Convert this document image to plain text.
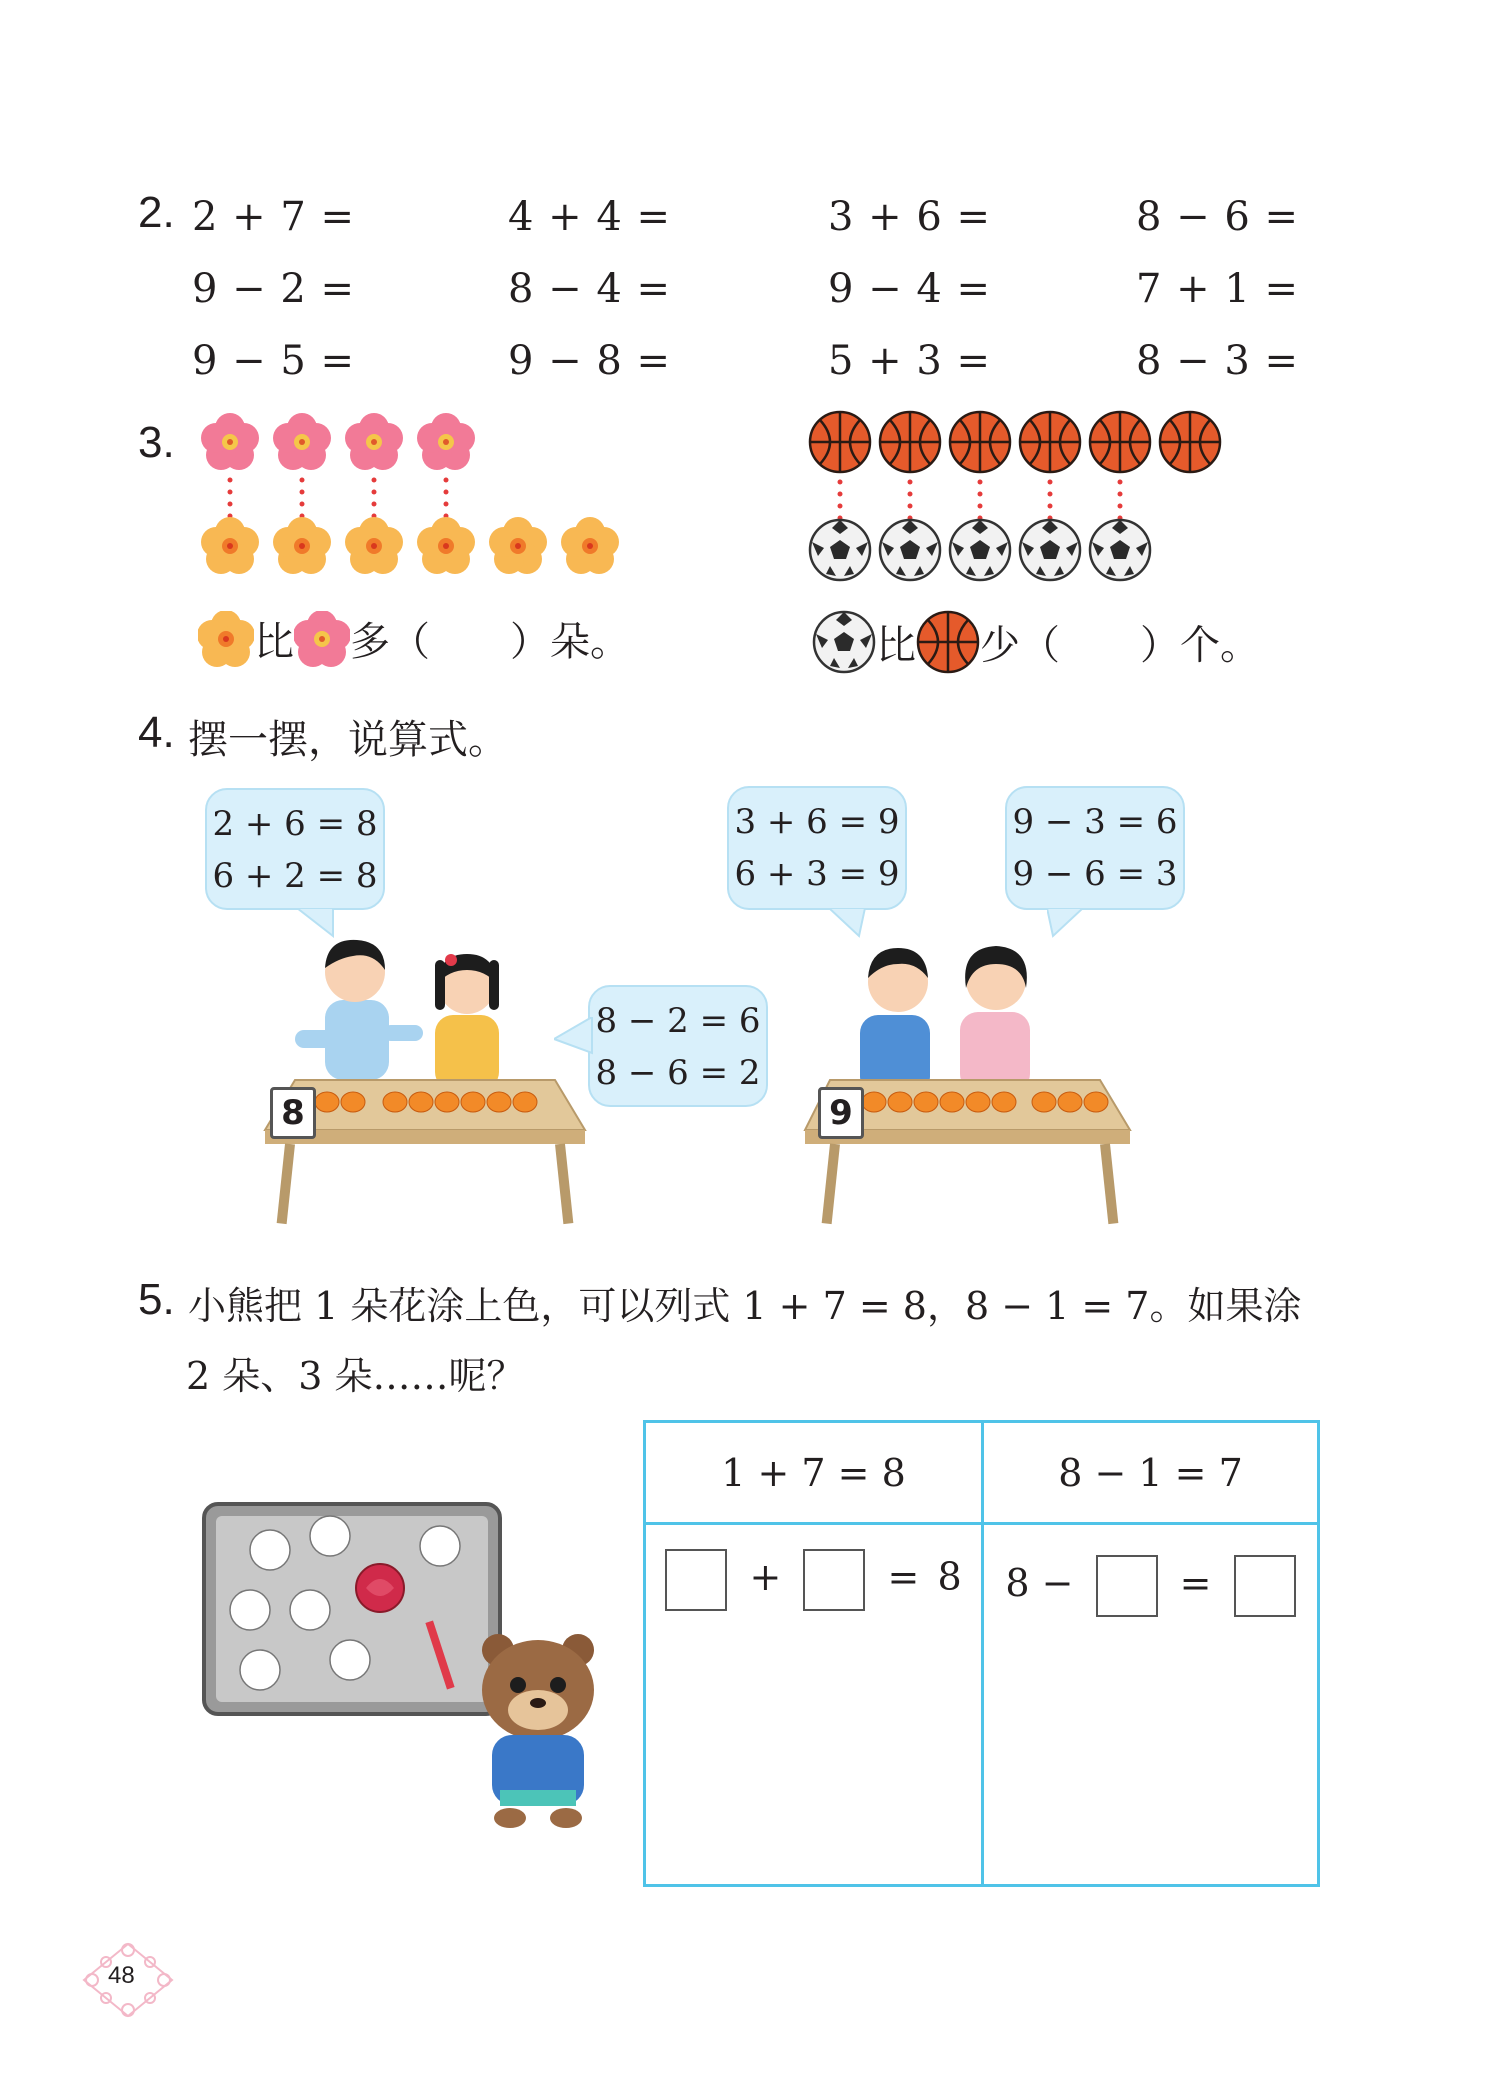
2. 2 + 7 =	4 + 4 =	3 + 6 =	8 − 6 =
9 − 2 =	8 − 4 =	9 − 4 =	7 + 1 =
9 − 5 =	9 − 8 =	5 + 3 =	8 − 3 =
3.
比 多（　　）朵。	比 少（　　）个。
4. 摆一摆，说算式。
2 + 6 = 8
6 + 2 = 8
8 − 2 = 6
8 − 6 = 2
3 + 6 = 9
6 + 3 = 9
9 − 3 = 6
9 − 6 = 3
8	9
5. 小熊把 1 朵花涂上色，可以列式 1 + 7 = 8，8 − 1 = 7。如果涂
2 朵、3 朵……呢？
1 + 7 = 8	8 − 1 = 7

+ = 8	8 − =
48
